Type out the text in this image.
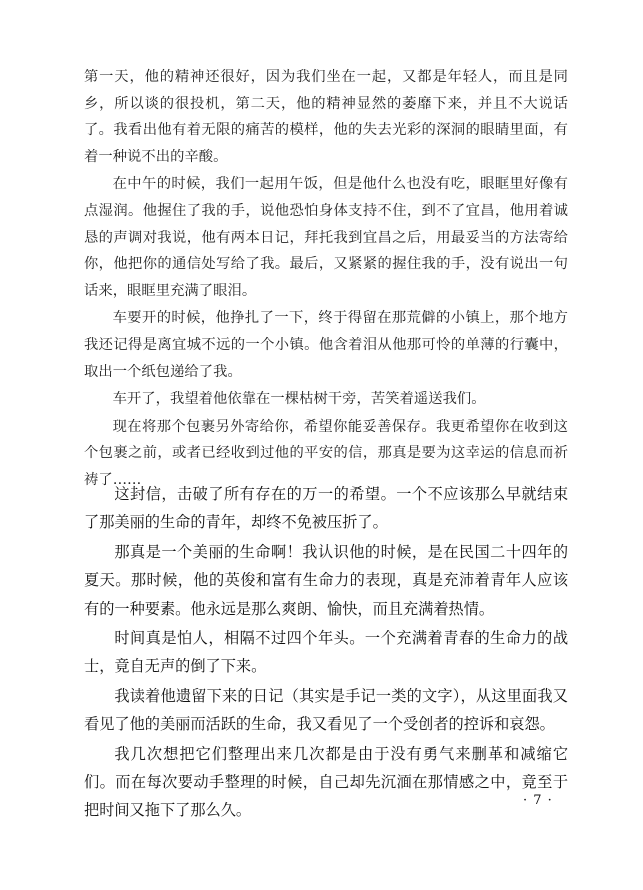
第一天，他的精神还很好，因为我们坐在一起，又都是年轻人，而且是同乡，所以谈的很投机，第二天，他的精神显然的萎靡下来，并且不大说话了。我看出他有着无限的痛苦的模样，他的失去光彩的深洞的眼睛里面，有着一种说不出的辛酸。

在中午的时候，我们一起用午饭，但是他什么也没有吃，眼眶里好像有点湿润。他握住了我的手，说他恐怕身体支持不住，到不了宜昌，他用着诚恳的声调对我说，他有两本日记，拜托我到宜昌之后，用最妥当的方法寄给你，他把你的通信处写给了我。最后，又紧紧的握住我的手，没有说出一句话来，眼眶里充满了眼泪。

车要开的时候，他挣扎了一下，终于得留在那荒僻的小镇上，那个地方我还记得是离宜城不远的一个小镇。他含着泪从他那可怜的单薄的行囊中，取出一个纸包递给了我。

车开了，我望着他依靠在一棵枯树干旁，苦笑着遥送我们。

现在将那个包裹另外寄给你，希望你能妥善保存。我更希望你在收到这个包裹之前，或者已经收到过他的平安的信，那真是要为这幸运的信息而祈祷了……

这封信，击破了所有存在的万一的希望。一个不应该那么早就结束了那美丽的生命的青年，却终不免被压折了。

那真是一个美丽的生命啊！我认识他的时候，是在民国二十四年的夏天。那时候，他的英俊和富有生命力的表现，真是充沛着青年人应该有的一种要素。他永远是那么爽朗、愉快，而且充满着热情。

时间真是怕人，相隔不过四个年头。一个充满着青春的生命力的战士，竟自无声的倒了下来。

我读着他遗留下来的日记（其实是手记一类的文字），从这里面我又看见了他的美丽而活跃的生命，我又看见了一个受创者的控诉和哀怨。

我几次想把它们整理出来几次都是由于没有勇气来删革和减缩它们。而在每次要动手整理的时候，自己却先沉湎在那情感之中，竟至于把时间又拖下了那么久。

· 7 ·
